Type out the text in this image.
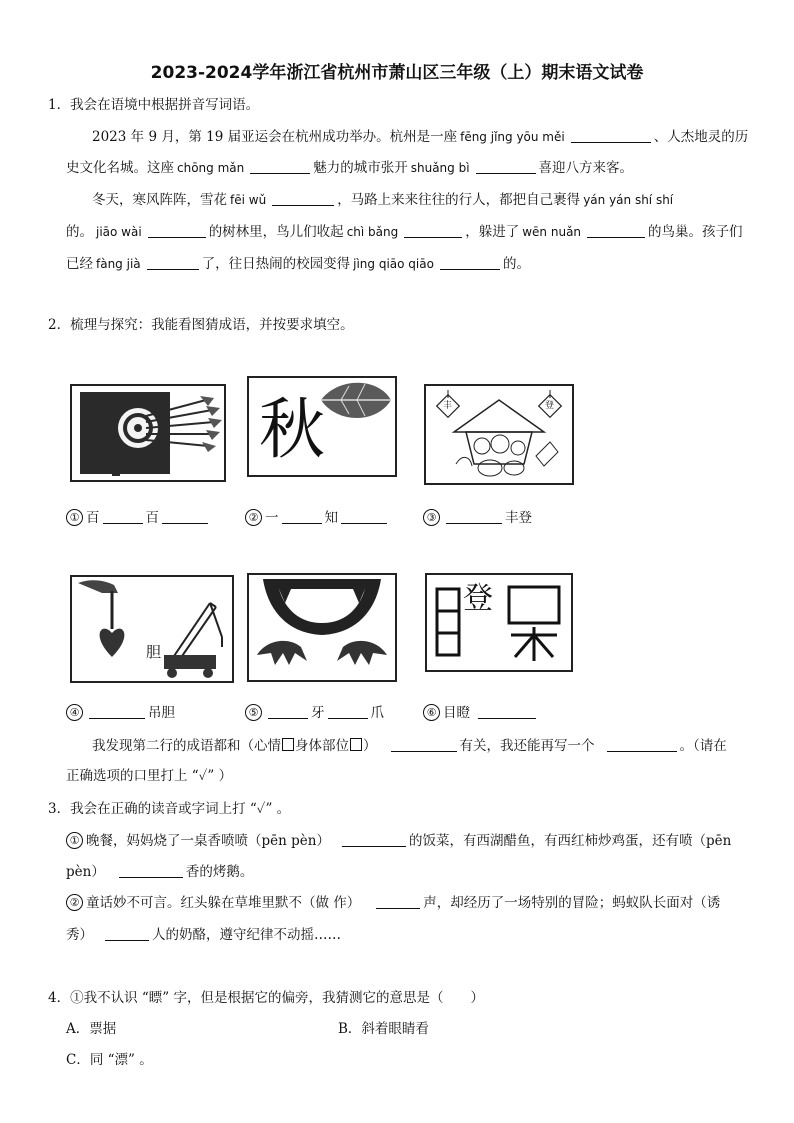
2023-2024学年浙江省杭州市萧山区三年级（上）期末语文试卷
1．我会在语境中根据拼音写词语。
2023 年 9 月，第 19 届亚运会在杭州成功举办。杭州是一座 fēng jǐng yōu měi	、人杰地灵的历
史文化名城。这座 chōng mǎn	魅力的城市张开 shuǎng bì	喜迎八方来客。
冬天，寒风阵阵，雪花 fēi wǔ	，马路上来来往往的行人，都把自己裹得 yán yán shí shí
的。 jiāo wài	的树林里，鸟儿们收起 chì bǎng	，躲进了 wēn nuǎn	的鸟巢。孩子们
已经 fàng jià	了，往日热闹的校园变得 jìng qiāo qiāo	的。
2．梳理与探究：我能看图猜成语，并按要求填空。
秋	丰	登
① 百	百	② 一	知	③	丰登
胆
登
④	吊胆	⑤	牙	爪	⑥ 目瞪
我发现第二行的成语都和（心情 身体部位 ）	有关，我还能再写一个	。（请在
正确选项的口里打上 “✓” ）
3．我会在正确的读音或字词上打 “✓” 。
① 晚餐，妈妈烧了一桌香喷喷（pēn pèn）	的饭菜，有西湖醋鱼，有西红柿炒鸡蛋，还有喷（pēn
pèn）	香的烤鹅。
② 童话妙不可言。红头躲在草堆里默不（做 作）	声，却经历了一场特别的冒险；蚂蚁队长面对（诱
秀）	人的奶酪，遵守纪律不动摇……
4．①我不认识 “瞟” 字，但是根据它的偏旁，我猜测它的意思是（　　）
A．票据	B．斜着眼睛看
C．同 “漂” 。
